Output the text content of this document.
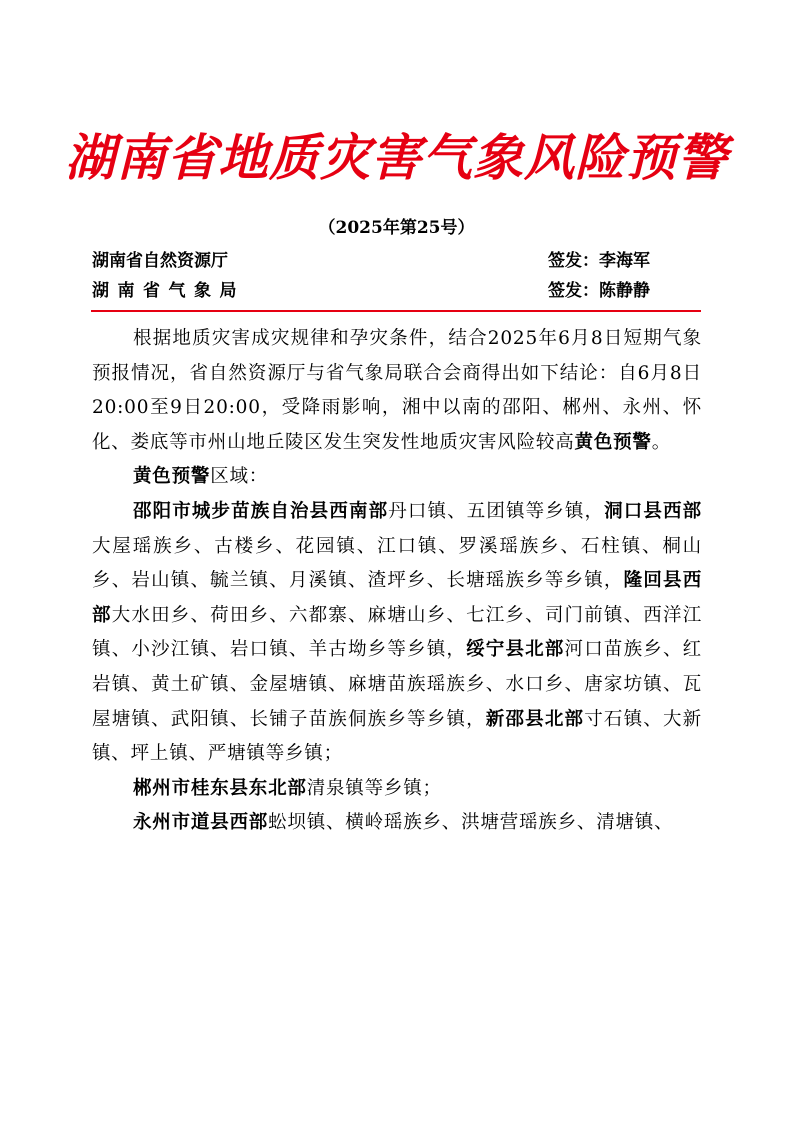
湖南省地质灾害气象风险预警
（2025年第25号）
湖南省自然资源厅	签发：李海军
湖南省气象局	签发：陈静静

根据地质灾害成灾规律和孕灾条件，结合2025年6月8日短期气象预报情况，省自然资源厅与省气象局联合会商得出如下结论：自6月8日20:00至9日20:00，受降雨影响，湘中以南的邵阳、郴州、永州、怀化、娄底等市州山地丘陵区发生突发性地质灾害风险较高黄色预警。

黄色预警区域：

邵阳市城步苗族自治县西南部丹口镇、五团镇等乡镇，洞口县西部大屋瑶族乡、古楼乡、花园镇、江口镇、罗溪瑶族乡、石柱镇、桐山乡、岩山镇、毓兰镇、月溪镇、渣坪乡、长塘瑶族乡等乡镇，隆回县西部大水田乡、荷田乡、六都寨、麻塘山乡、七江乡、司门前镇、西洋江镇、小沙江镇、岩口镇、羊古坳乡等乡镇，绥宁县北部河口苗族乡、红岩镇、黄土矿镇、金屋塘镇、麻塘苗族瑶族乡、水口乡、唐家坊镇、瓦屋塘镇、武阳镇、长铺子苗族侗族乡等乡镇，新邵县北部寸石镇、大新镇、坪上镇、严塘镇等乡镇；

郴州市桂东县东北部清泉镇等乡镇；

永州市道县西部蚣坝镇、横岭瑶族乡、洪塘营瑶族乡、清塘镇、
